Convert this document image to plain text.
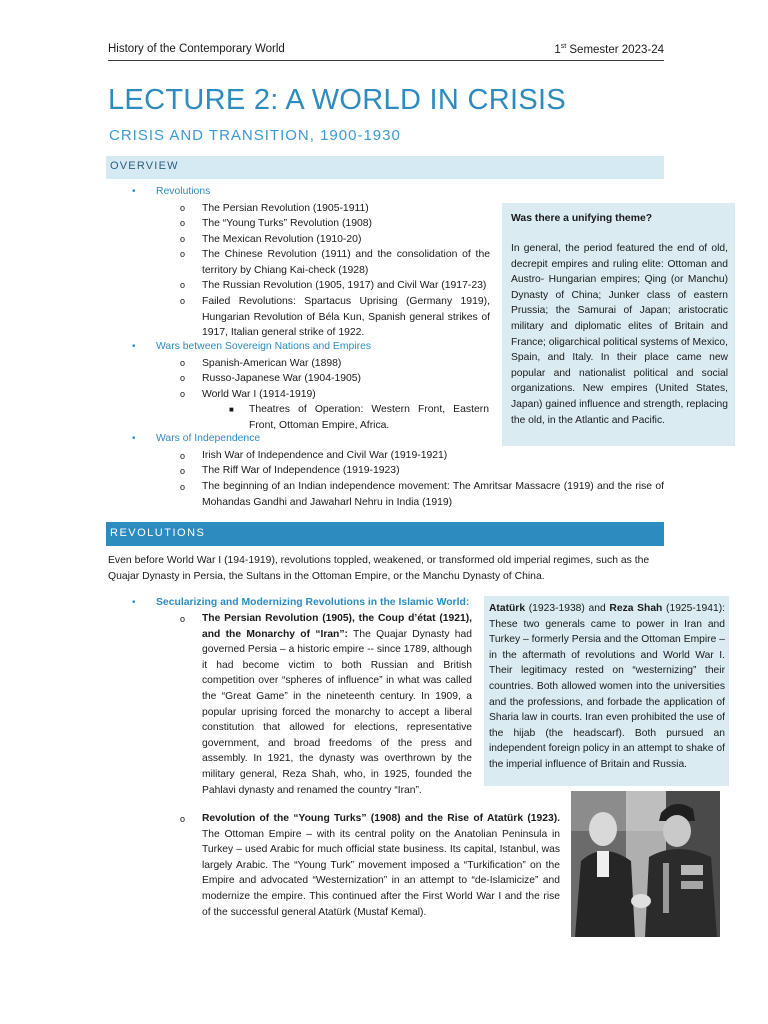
History of the Contemporary World	1st Semester 2023-24
LECTURE 2: A WORLD IN CRISIS
CRISIS AND TRANSITION, 1900-1930
OVERVIEW
• Revolutions
o The Persian Revolution (1905-1911)
o The “Young Turks” Revolution (1908)
o The Mexican Revolution (1910-20)
o The Chinese Revolution (1911) and the consolidation of the territory by Chiang Kai-check (1928)
o The Russian Revolution (1905, 1917) and Civil War (1917-23)
o Failed Revolutions: Spartacus Uprising (Germany 1919), Hungarian Revolution of Béla Kun, Spanish general strikes of 1917, Italian general strike of 1922.
• Wars between Sovereign Nations and Empires
o Spanish-American War (1898)
o Russo-Japanese War (1904-1905)
o World War I (1914-1919)
■ Theatres of Operation: Western Front, Eastern Front, Ottoman Empire, Africa.
• Wars of Independence
o Irish War of Independence and Civil War (1919-1921)
o The Riff War of Independence (1919-1923)
o The beginning of an Indian independence movement: The Amritsar Massacre (1919) and the rise of Mohandas Gandhi and Jawaharl Nehru in India (1919)
Was there a unifying theme?
In general, the period featured the end of old, decrepit empires and ruling elite: Ottoman and Austro- Hungarian empires; Qing (or Manchu) Dynasty of China; Junker class of eastern Prussia; the Samurai of Japan; aristocratic military and diplomatic elites of Britain and France; oligarchical political systems of Mexico, Spain, and Italy. In their place came new popular and nationalist political and social organizations. New empires (United States, Japan) gained influence and strength, replacing the old, in the Atlantic and Pacific.
REVOLUTIONS
Even before World War I (194-1919), revolutions toppled, weakened, or transformed old imperial regimes, such as the Quajar Dynasty in Persia, the Sultans in the Ottoman Empire, or the Manchu Dynasty of China.
• Secularizing and Modernizing Revolutions in the Islamic World:
o The Persian Revolution (1905), the Coup d’état (1921), and the Monarchy of “Iran”: The Quajar Dynasty had governed Persia – a historic empire -- since 1789, although it had become victim to both Russian and British competition over “spheres of influence” in what was called the “Great Game” in the nineteenth century. In 1909, a popular uprising forced the monarchy to accept a liberal constitution that allowed for elections, representative government, and broad freedoms of the press and assembly. In 1921, the dynasty was overthrown by the military general, Reza Shah, who, in 1925, founded the Pahlavi dynasty and renamed the country “Iran”.
o Revolution of the “Young Turks” (1908) and the Rise of Atatürk (1923). The Ottoman Empire – with its central polity on the Anatolian Peninsula in Turkey – used Arabic for much official state business. Its capital, Istanbul, was largely Arabic. The “Young Turk” movement imposed a “Turkification” on the Empire and advocated “Westernization” in an attempt to “de-Islamicize” and modernize the empire. This continued after the First World War I and the rise of the successful general Atatürk (Mustaf Kemal).
Atatürk (1923-1938) and Reza Shah (1925-1941): These two generals came to power in Iran and Turkey – formerly Persia and the Ottoman Empire – in the aftermath of revolutions and World War I. Their legitimacy rested on “westernizing” their countries. Both allowed women into the universities and the professions, and forbade the application of Sharia law in courts. Iran even prohibited the use of the hijab (the headscarf). Both pursued an independent foreign policy in an attempt to shake of the imperial influence of Britain and Russia.
